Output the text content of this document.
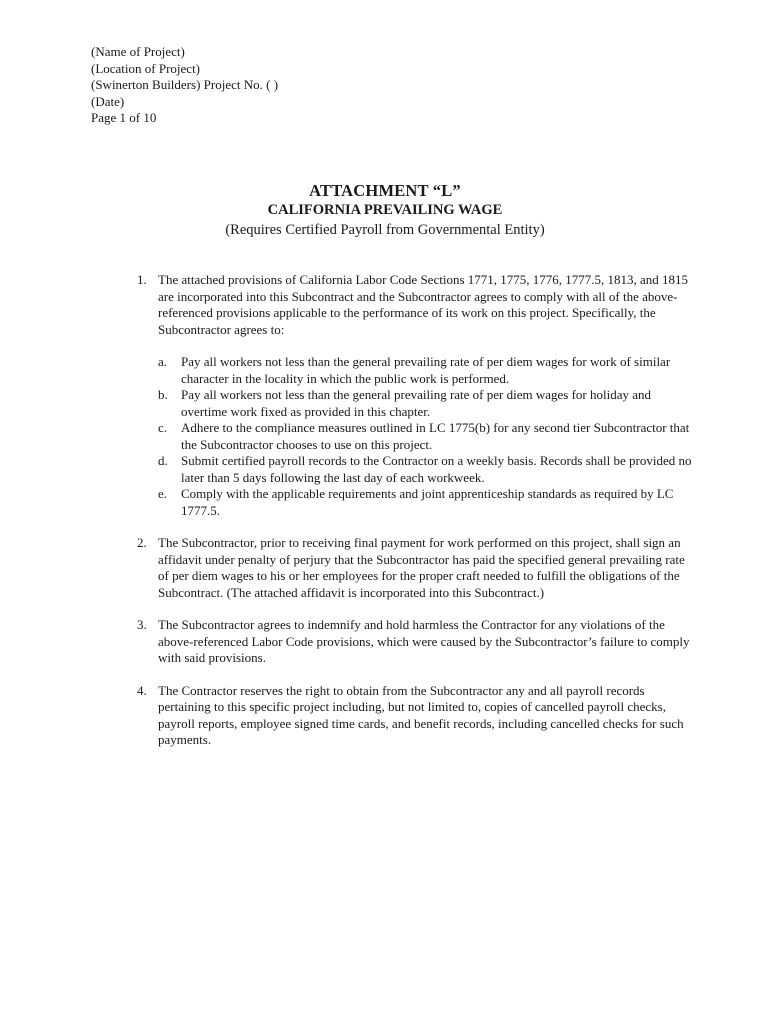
(Name of Project)
(Location of Project)
(Swinerton Builders) Project No. ( )
(Date)
Page 1 of 10
ATTACHMENT “L”
CALIFORNIA PREVAILING WAGE
(Requires Certified Payroll from Governmental Entity)
1. The attached provisions of California Labor Code Sections 1771, 1775, 1776, 1777.5, 1813, and 1815 are incorporated into this Subcontract and the Subcontractor agrees to comply with all of the above-referenced provisions applicable to the performance of its work on this project. Specifically, the Subcontractor agrees to:
a. Pay all workers not less than the general prevailing rate of per diem wages for work of similar character in the locality in which the public work is performed.
b. Pay all workers not less than the general prevailing rate of per diem wages for holiday and overtime work fixed as provided in this chapter.
c. Adhere to the compliance measures outlined in LC 1775(b) for any second tier Subcontractor that the Subcontractor chooses to use on this project.
d. Submit certified payroll records to the Contractor on a weekly basis. Records shall be provided no later than 5 days following the last day of each workweek.
e. Comply with the applicable requirements and joint apprenticeship standards as required by LC 1777.5.
2. The Subcontractor, prior to receiving final payment for work performed on this project, shall sign an affidavit under penalty of perjury that the Subcontractor has paid the specified general prevailing rate of per diem wages to his or her employees for the proper craft needed to fulfill the obligations of the Subcontract. (The attached affidavit is incorporated into this Subcontract.)
3. The Subcontractor agrees to indemnify and hold harmless the Contractor for any violations of the above-referenced Labor Code provisions, which were caused by the Subcontractor’s failure to comply with said provisions.
4. The Contractor reserves the right to obtain from the Subcontractor any and all payroll records pertaining to this specific project including, but not limited to, copies of cancelled payroll checks, payroll reports, employee signed time cards, and benefit records, including cancelled checks for such payments.
